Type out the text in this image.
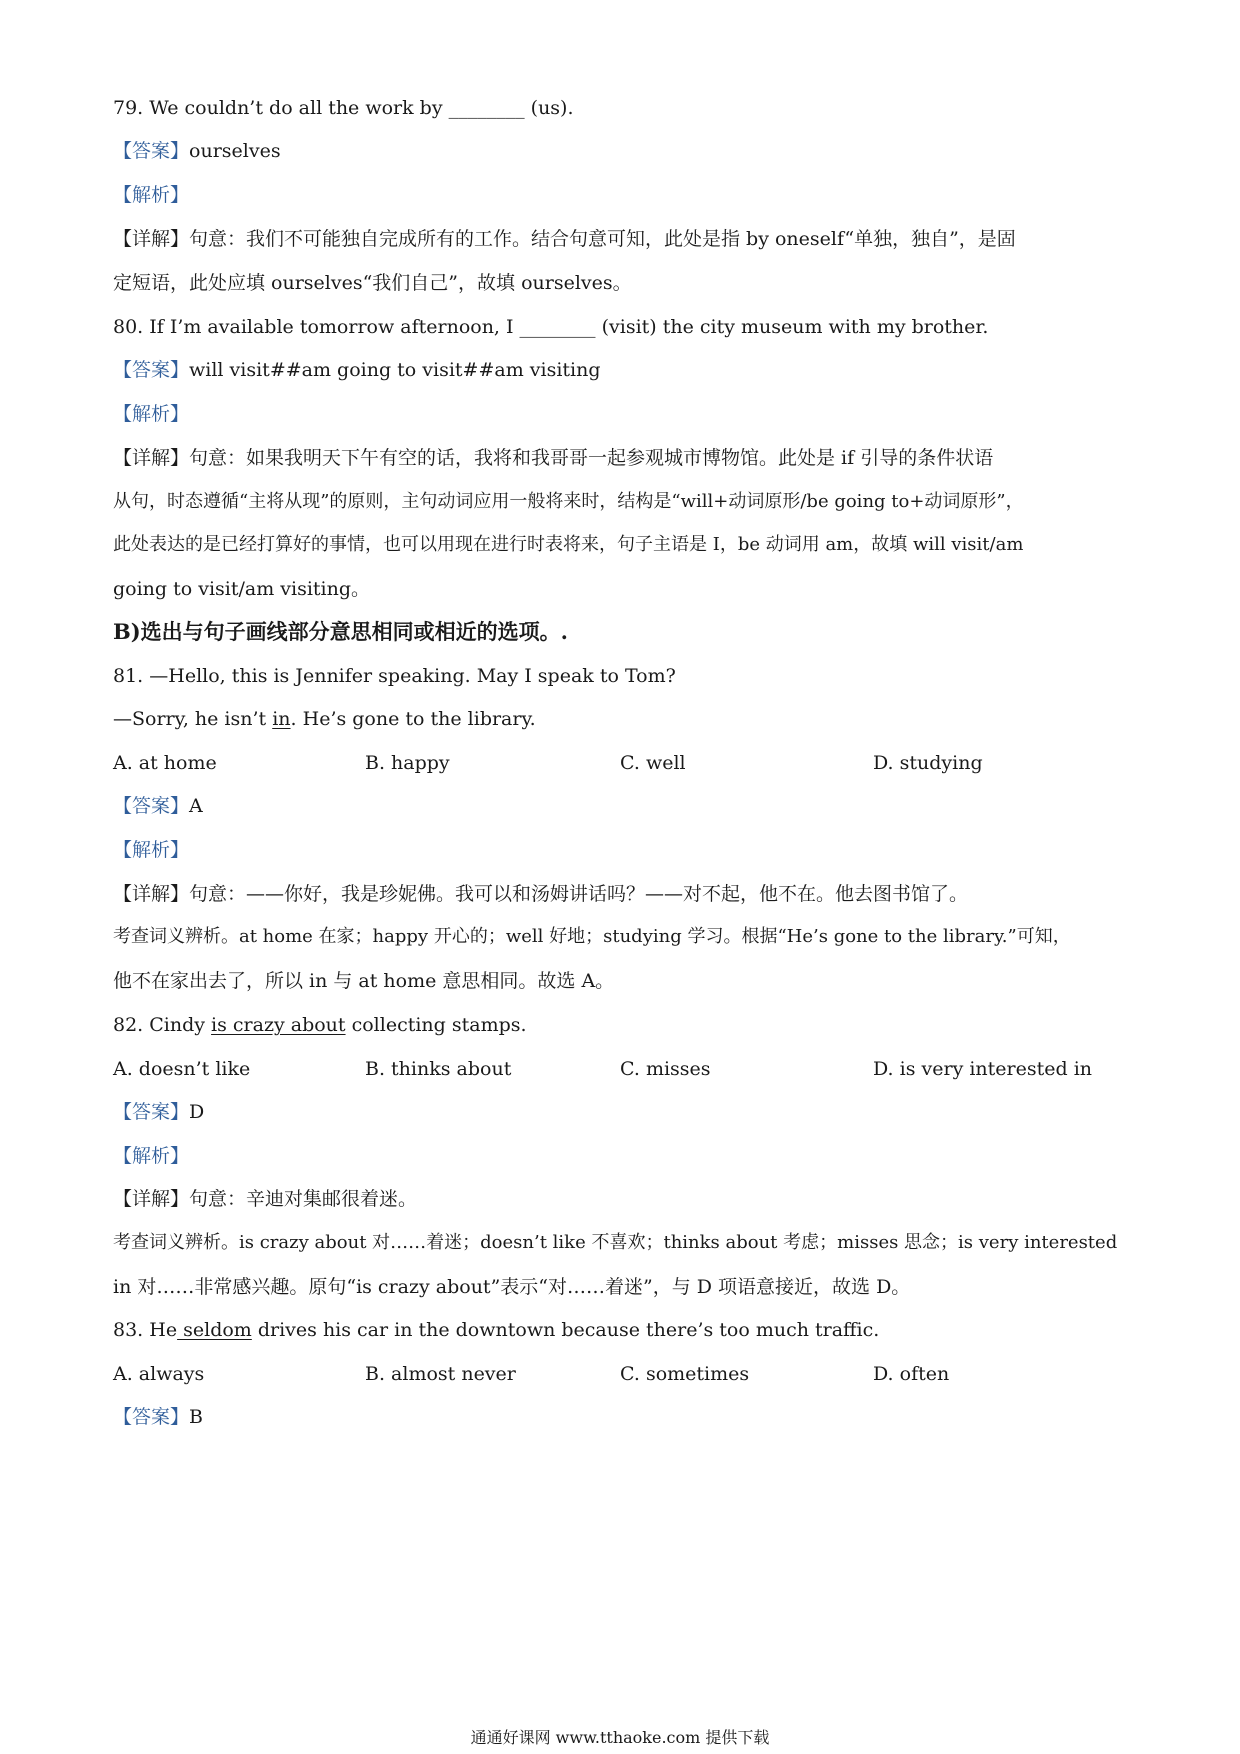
79. We couldn’t do all the work by ________ (us).
【答案】ourselves
【解析】
【详解】句意：我们不可能独自完成所有的工作。结合句意可知，此处是指 by oneself“单独，独自”，是固
定短语，此处应填 ourselves“我们自己”，故填 ourselves。
80. If I’m available tomorrow afternoon, I ________ (visit) the city museum with my brother.
【答案】will visit##am going to visit##am visiting
【解析】
【详解】句意：如果我明天下午有空的话，我将和我哥哥一起参观城市博物馆。此处是 if 引导的条件状语
从句，时态遵循“主将从现”的原则，主句动词应用一般将来时，结构是“will+动词原形/be going to+动词原形”，
此处表达的是已经打算好的事情，也可以用现在进行时表将来，句子主语是 I，be 动词用 am，故填 will visit/am
going to visit/am visiting。
B)选出与句子画线部分意思相同或相近的选项。.
81. —Hello, this is Jennifer speaking. May I speak to Tom?
—Sorry, he isn’t in. He’s gone to the library.
A. at home	B. happy	C. well	D. studying
【答案】A
【解析】
【详解】句意：——你好，我是珍妮佛。我可以和汤姆讲话吗？——对不起，他不在。他去图书馆了。
考查词义辨析。at home 在家；happy 开心的；well 好地；studying 学习。根据“He’s gone to the library.”可知，
他不在家出去了，所以 in 与 at home 意思相同。故选 A。
82. Cindy is crazy about collecting stamps.
A. doesn’t like	B. thinks about	C. misses	D. is very interested in
【答案】D
【解析】
【详解】句意：辛迪对集邮很着迷。
考查词义辨析。is crazy about 对……着迷；doesn’t like 不喜欢；thinks about 考虑；misses 思念；is very interested
in 对……非常感兴趣。原句“is crazy about”表示“对……着迷”，与 D 项语意接近，故选 D。
83. He seldom drives his car in the downtown because there’s too much traffic.
A. always	B. almost never	C. sometimes	D. often
【答案】B
通通好课网 www.tthaoke.com 提供下载
